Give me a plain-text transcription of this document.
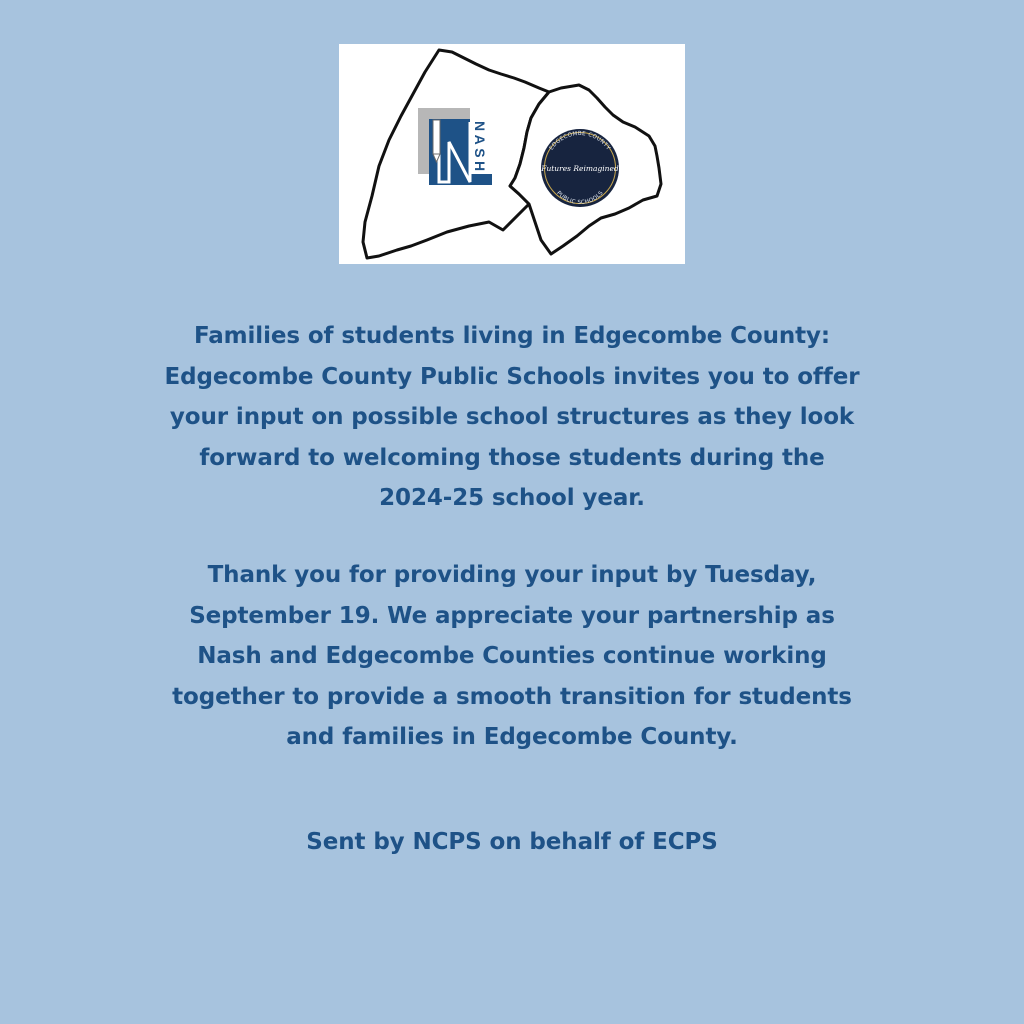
NASH	EDGECOMBE COUNTY
Futures Reimagined
PUBLIC SCHOOLS

Families of students living in Edgecombe County:
Edgecombe County Public Schools invites you to offer
your input on possible school structures as they look
forward to welcoming those students during the
2024-25 school year.

Thank you for providing your input by Tuesday,
September 19. We appreciate your partnership as
Nash and Edgecombe Counties continue working
together to provide a smooth transition for students
and families in Edgecombe County.

Sent by NCPS on behalf of ECPS
